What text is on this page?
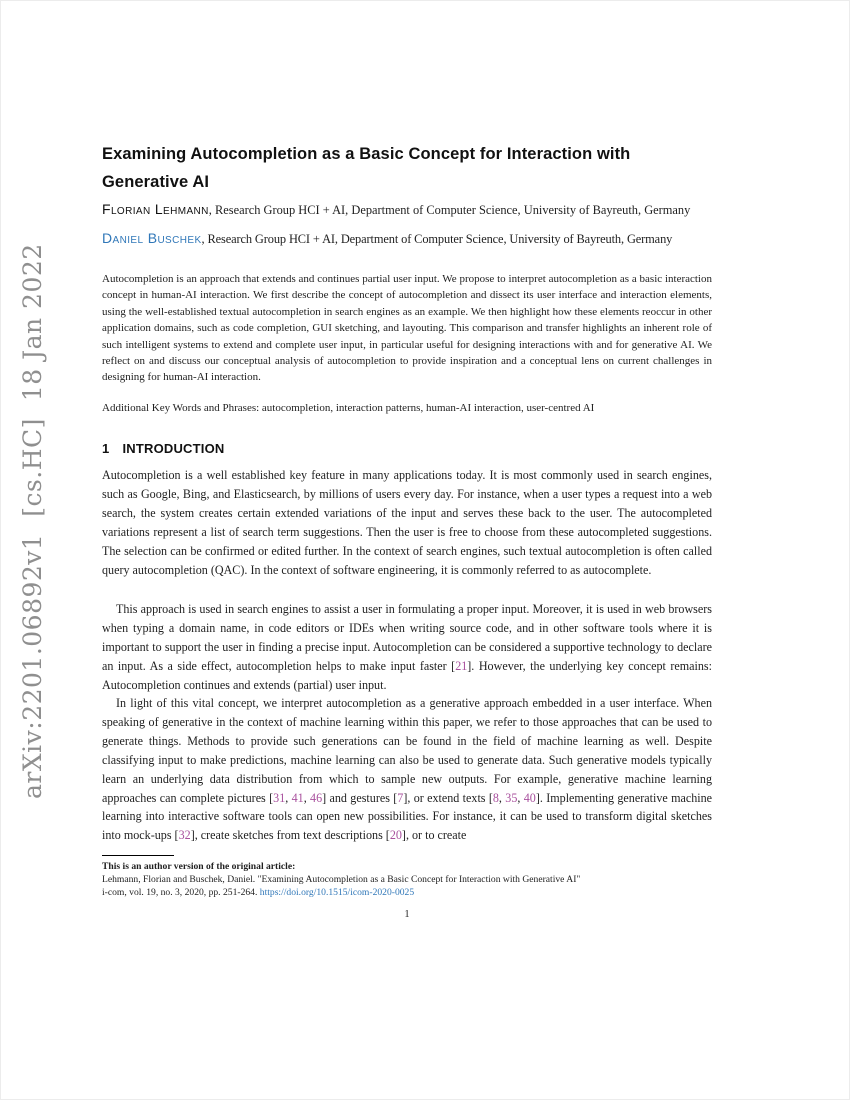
arXiv:2201.06892v1  [cs.HC]  18 Jan 2022
Examining Autocompletion as a Basic Concept for Interaction with Generative AI
Florian Lehmann, Research Group HCI + AI, Department of Computer Science, University of Bayreuth, Germany
Daniel Buschek, Research Group HCI + AI, Department of Computer Science, University of Bayreuth, Germany

Autocompletion is an approach that extends and continues partial user input. We propose to interpret autocompletion as a basic interaction concept in human-AI interaction. We first describe the concept of autocompletion and dissect its user interface and interaction elements, using the well-established textual autocompletion in search engines as an example. We then highlight how these elements reoccur in other application domains, such as code completion, GUI sketching, and layouting. This comparison and transfer highlights an inherent role of such intelligent systems to extend and complete user input, in particular useful for designing interactions with and for generative AI. We reflect on and discuss our conceptual analysis of autocompletion to provide inspiration and a conceptual lens on current challenges in designing for human-AI interaction.

Additional Key Words and Phrases: autocompletion, interaction patterns, human-AI interaction, user-centred AI

1 INTRODUCTION

Autocompletion is a well established key feature in many applications today. It is most commonly used in search engines, such as Google, Bing, and Elasticsearch, by millions of users every day. For instance, when a user types a request into a web search, the system creates certain extended variations of the input and serves these back to the user. The autocompleted variations represent a list of search term suggestions. Then the user is free to choose from these autocompleted suggestions. The selection can be confirmed or edited further. In the context of search engines, such textual autocompletion is often called query autocompletion (QAC). In the context of software engineering, it is commonly referred to as autocomplete.

This approach is used in search engines to assist a user in formulating a proper input. Moreover, it is used in web browsers when typing a domain name, in code editors or IDEs when writing source code, and in other software tools where it is important to support the user in finding a precise input. Autocompletion can be considered a supportive technology to declare an input. As a side effect, autocompletion helps to make input faster [21]. However, the underlying key concept remains: Autocompletion continues and extends (partial) user input.

In light of this vital concept, we interpret autocompletion as a generative approach embedded in a user interface. When speaking of generative in the context of machine learning within this paper, we refer to those approaches that can be used to generate things. Methods to provide such generations can be found in the field of machine learning as well. Despite classifying input to make predictions, machine learning can also be used to generate data. Such generative models typically learn an underlying data distribution from which to sample new outputs. For example, generative machine learning approaches can complete pictures [31, 41, 46] and gestures [7], or extend texts [8, 35, 40]. Implementing generative machine learning into interactive software tools can open new possibilities. For instance, it can be used to transform digital sketches into mock-ups [32], create sketches from text descriptions [20], or to create

This is an author version of the original article:

Lehmann, Florian and Buschek, Daniel. "Examining Autocompletion as a Basic Concept for Interaction with Generative AI"

i-com, vol. 19, no. 3, 2020, pp. 251-264. https://doi.org/10.1515/icom-2020-0025

1
